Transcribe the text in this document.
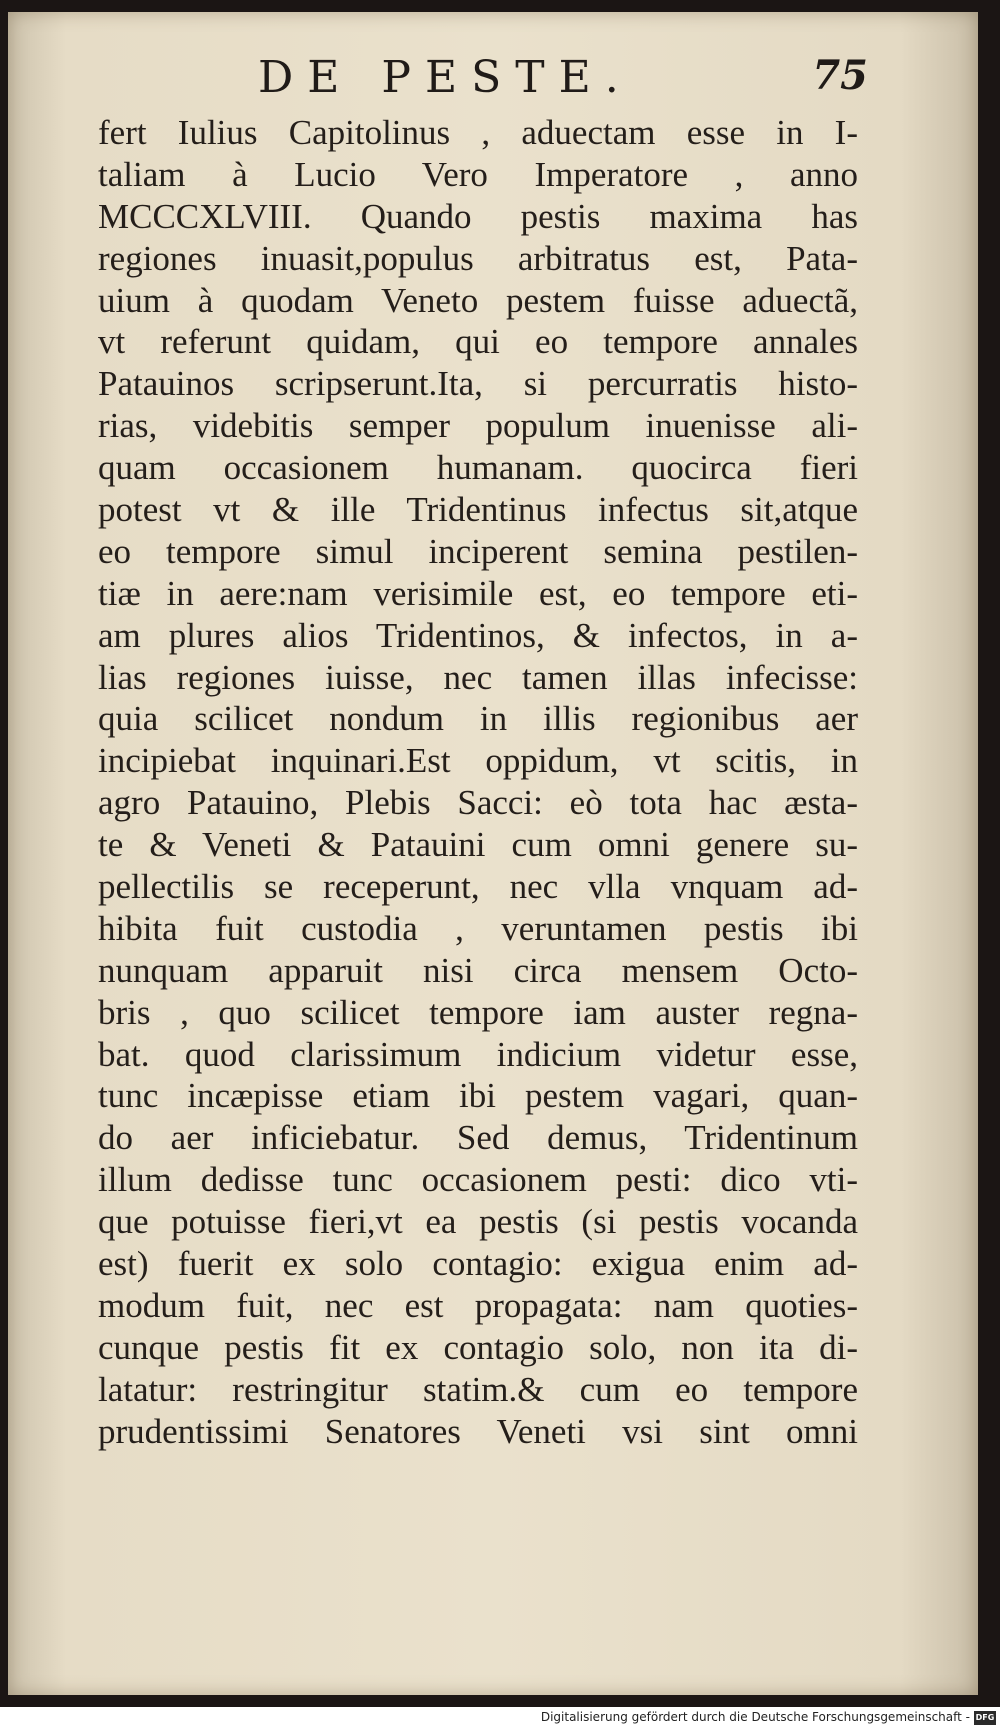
DE PESTE.	75
fert Iulius Capitolinus , aduectam esse in I-
taliam à Lucio Vero Imperatore , anno
MCCCXLVIII. Quando pestis maxima has
regiones inuasit,populus arbitratus est, Pata-
uium à quodam Veneto pestem fuisse aduectã,
vt referunt quidam, qui eo tempore annales
Patauinos scripserunt.Ita, si percurratis histo-
rias, videbitis semper populum inuenisse ali-
quam occasionem humanam. quocirca fieri
potest vt & ille Tridentinus infectus sit,atque
eo tempore simul inciperent semina pestilen-
tiæ in aere:nam verisimile est, eo tempore eti-
am plures alios Tridentinos, & infectos, in a-
lias regiones iuisse, nec tamen illas infecisse:
quia scilicet nondum in illis regionibus aer
incipiebat inquinari.Est oppidum, vt scitis, in
agro Patauino, Plebis Sacci: eò tota hac æsta-
te & Veneti & Patauini cum omni genere su-
pellectilis se receperunt, nec vlla vnquam ad-
hibita fuit custodia , veruntamen pestis ibi
nunquam apparuit nisi circa mensem Octo-
bris , quo scilicet tempore iam auster regna-
bat. quod clarissimum indicium videtur esse,
tunc incæpisse etiam ibi pestem vagari, quan-
do aer inficiebatur. Sed demus, Tridentinum
illum dedisse tunc occasionem pesti: dico vti-
que potuisse fieri,vt ea pestis (si pestis vocanda
est) fuerit ex solo contagio: exigua enim ad-
modum fuit, nec est propagata: nam quoties-
cunque pestis fit ex contagio solo, non ita di-
latatur: restringitur statim.& cum eo tempore
prudentissimi Senatores Veneti vsi sint omni
Digitalisierung gefördert durch die Deutsche Forschungsgemeinschaft - DFG
